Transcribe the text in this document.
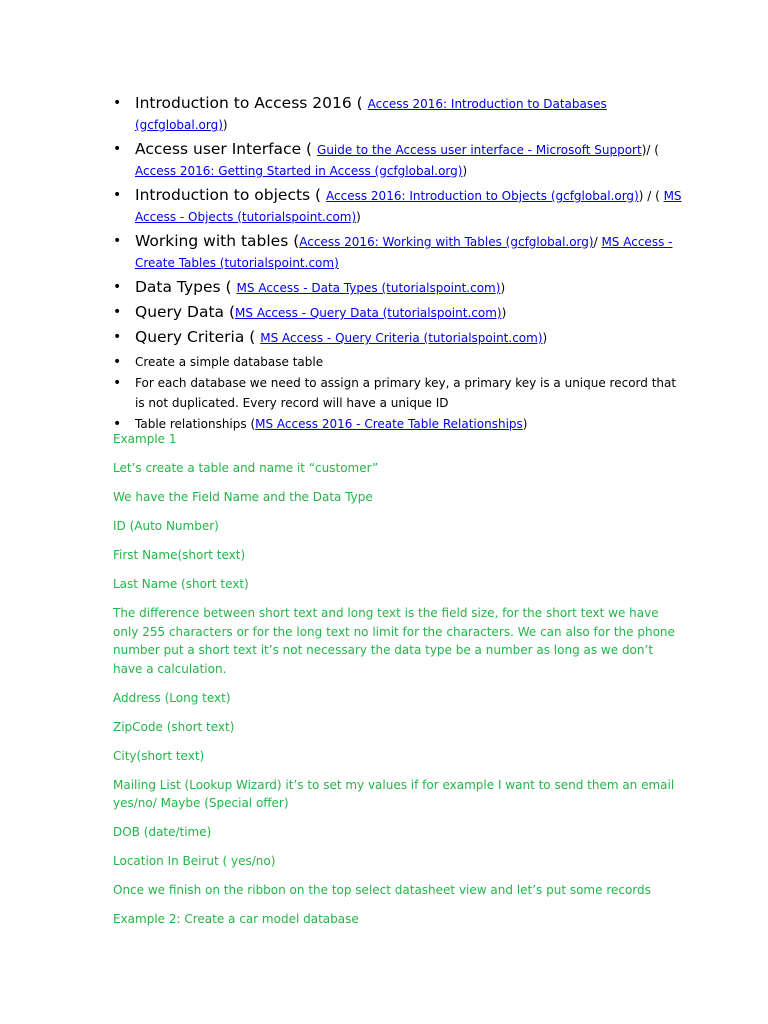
• Introduction to Access 2016 ( Access 2016: Introduction to Databases (gcfglobal.org))
• Access user Interface ( Guide to the Access user interface - Microsoft Support)/ ( Access 2016: Getting Started in Access (gcfglobal.org))
• Introduction to objects ( Access 2016: Introduction to Objects (gcfglobal.org)) / ( MS Access - Objects (tutorialspoint.com))
• Working with tables (Access 2016: Working with Tables (gcfglobal.org)/ MS Access - Create Tables (tutorialspoint.com)
• Data Types ( MS Access - Data Types (tutorialspoint.com))
• Query Data (MS Access - Query Data (tutorialspoint.com))
• Query Criteria ( MS Access - Query Criteria (tutorialspoint.com))
• Create a simple database table
• For each database we need to assign a primary key, a primary key is a unique record that is not duplicated. Every record will have a unique ID
• Table relationships (MS Access 2016 - Create Table Relationships)

Example 1

Let’s create a table and name it “customer”

We have the Field Name and the Data Type

ID (Auto Number)

First Name(short text)

Last Name (short text)

The difference between short text and long text is the field size, for the short text we have only 255 characters or for the long text no limit for the characters. We can also for the phone number put a short text it’s not necessary the data type be a number as long as we don’t have a calculation.

Address (Long text)

ZipCode (short text)

City(short text)

Mailing List (Lookup Wizard) it’s to set my values if for example I want to send them an email yes/no/ Maybe (Special offer)

DOB (date/time)

Location In Beirut ( yes/no)

Once we finish on the ribbon on the top select datasheet view and let’s put some records

Example 2: Create a car model database
